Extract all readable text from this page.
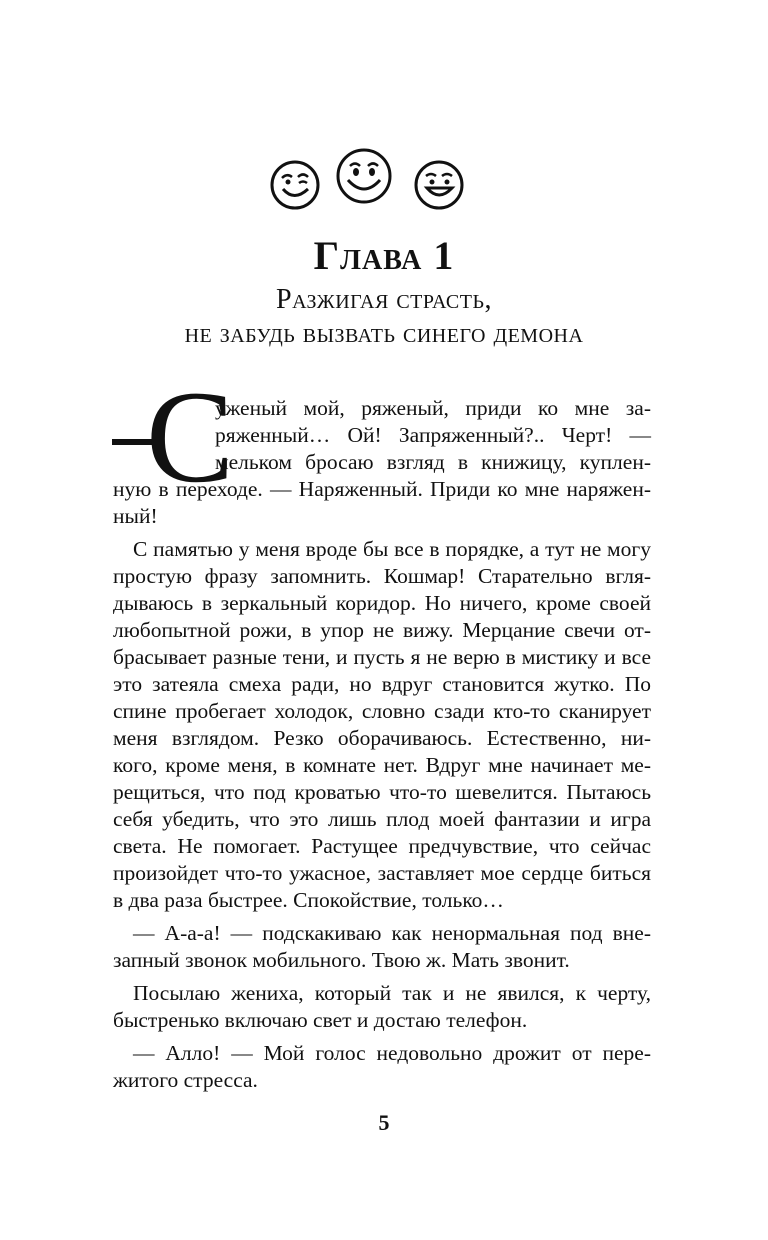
Глава 1

Разжигая страсть,

не забудь вызвать синего демона

С

уженый мой, ряженый, приди ко мне за-

ряженный… Ой! Запряженный?.. Черт! —

мельком бросаю взгляд в книжицу, куплен-

ную в переходе. — Наряженный. Приди ко мне наряжен-

ный!

С памятью у меня вроде бы все в порядке, а тут не могу

простую фразу запомнить. Кошмар! Старательно вгля-

дываюсь в зеркальный коридор. Но ничего, кроме своей

любопытной рожи, в упор не вижу. Мерцание свечи от-

брасывает разные тени, и пусть я не верю в мистику и все

это затеяла смеха ради, но вдруг становится жутко. По

спине пробегает холодок, словно сзади кто-то сканирует

меня взглядом. Резко оборачиваюсь. Естественно, ни-

кого, кроме меня, в комнате нет. Вдруг мне начинает ме-

рещиться, что под кроватью что-то шевелится. Пытаюсь

себя убедить, что это лишь плод моей фантазии и игра

света. Не помогает. Растущее предчувствие, что сейчас

произойдет что-то ужасное, заставляет мое сердце биться

в два раза быстрее. Спокойствие, только…

— А-а-а! — подскакиваю как ненормальная под вне-

запный звонок мобильного. Твою ж. Мать звонит.

Посылаю жениха, который так и не явился, к черту,

быстренько включаю свет и достаю телефон.

— Алло! — Мой голос недовольно дрожит от пере-

житого стресса.

5
